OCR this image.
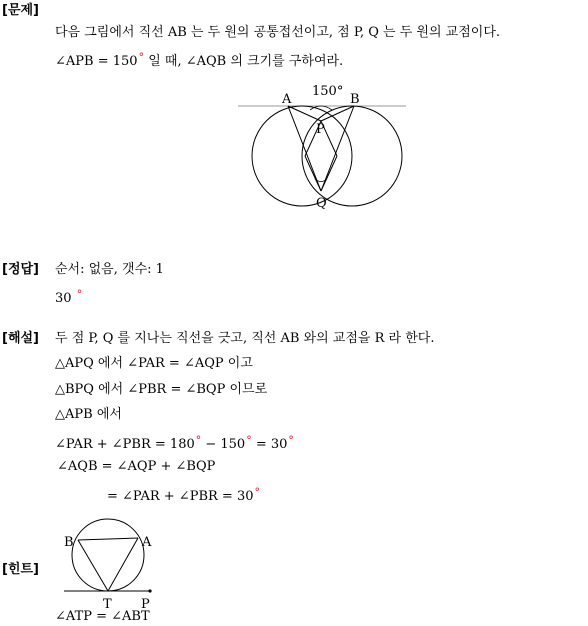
[문제]
다음 그림에서 직선 AB 는 두 원의 공통접선이고, 점 P, Q 는 두 원의 교점이다.
∠APB = 150° 일 때, ∠AQB 의 크기를 구하여라.
150°
A	B
P
Q
[정답] 순서: 없음, 갯수: 1
30 °
[해설] 두 점 P, Q 를 지나는 직선을 긋고, 직선 AB 와의 교점을 R 라 한다.
△APQ 에서 ∠PAR = ∠AQP 이고
△BPQ 에서 ∠PBR = ∠BQP 이므로
△APB 에서
∠PAR + ∠PBR = 180° − 150° = 30°
∠AQB = ∠AQP + ∠BQP
= ∠PAR + ∠PBR = 30°
[힌트]
B	A
T P
∠ATP = ∠ABT
